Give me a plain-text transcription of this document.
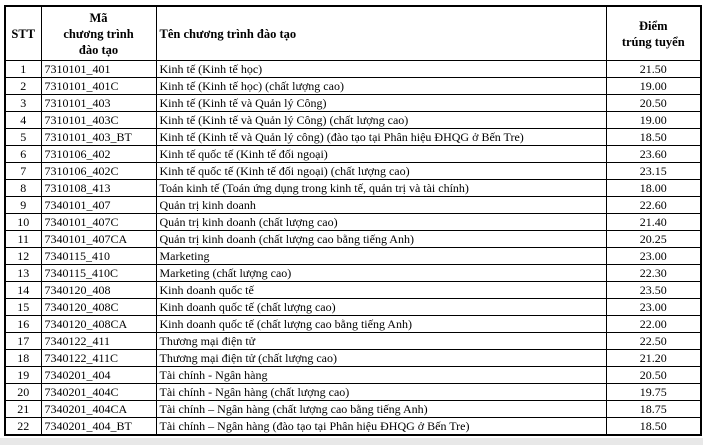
STT	Mã
chương trình
đào tạo	Tên chương trình đào tạo	Điểm
trúng tuyển
1	7310101_401	Kinh tế (Kinh tế học)	21.50
2	7310101_401C	Kinh tế (Kinh tế học) (chất lượng cao)	19.00
3	7310101_403	Kinh tế (Kinh tế và Quản lý Công)	20.50
4	7310101_403C	Kinh tế (Kinh tế và Quản lý Công) (chất lượng cao)	19.00
5	7310101_403_BT	Kinh tế (Kinh tế và Quản lý công) (đào tạo tại Phân hiệu ĐHQG ở Bến Tre)	18.50
6	7310106_402	Kinh tế quốc tế (Kinh tế đối ngoại)	23.60
7	7310106_402C	Kinh tế quốc tế (Kinh tế đối ngoại) (chất lượng cao)	23.15
8	7310108_413	Toán kinh tế (Toán ứng dụng trong kinh tế, quản trị và tài chính)	18.00
9	7340101_407	Quản trị kinh doanh	22.60
10	7340101_407C	Quản trị kinh doanh (chất lượng cao)	21.40
11	7340101_407CA	Quản trị kinh doanh (chất lượng cao bằng tiếng Anh)	20.25
12	7340115_410	Marketing	23.00
13	7340115_410C	Marketing (chất lượng cao)	22.30
14	7340120_408	Kinh doanh quốc tế	23.50
15	7340120_408C	Kinh doanh quốc tế (chất lượng cao)	23.00
16	7340120_408CA	Kinh doanh quốc tế (chất lượng cao bằng tiếng Anh)	22.00
17	7340122_411	Thương mại điện tử	22.50
18	7340122_411C	Thương mại điện tử (chất lượng cao)	21.20
19	7340201_404	Tài chính - Ngân hàng	20.50
20	7340201_404C	Tài chính - Ngân hàng (chất lượng cao)	19.75
21	7340201_404CA	Tài chính – Ngân hàng (chất lượng cao bằng tiếng Anh)	18.75
22	7340201_404_BT	Tài chính – Ngân hàng (đào tạo tại Phân hiệu ĐHQG ở Bến Tre)	18.50
